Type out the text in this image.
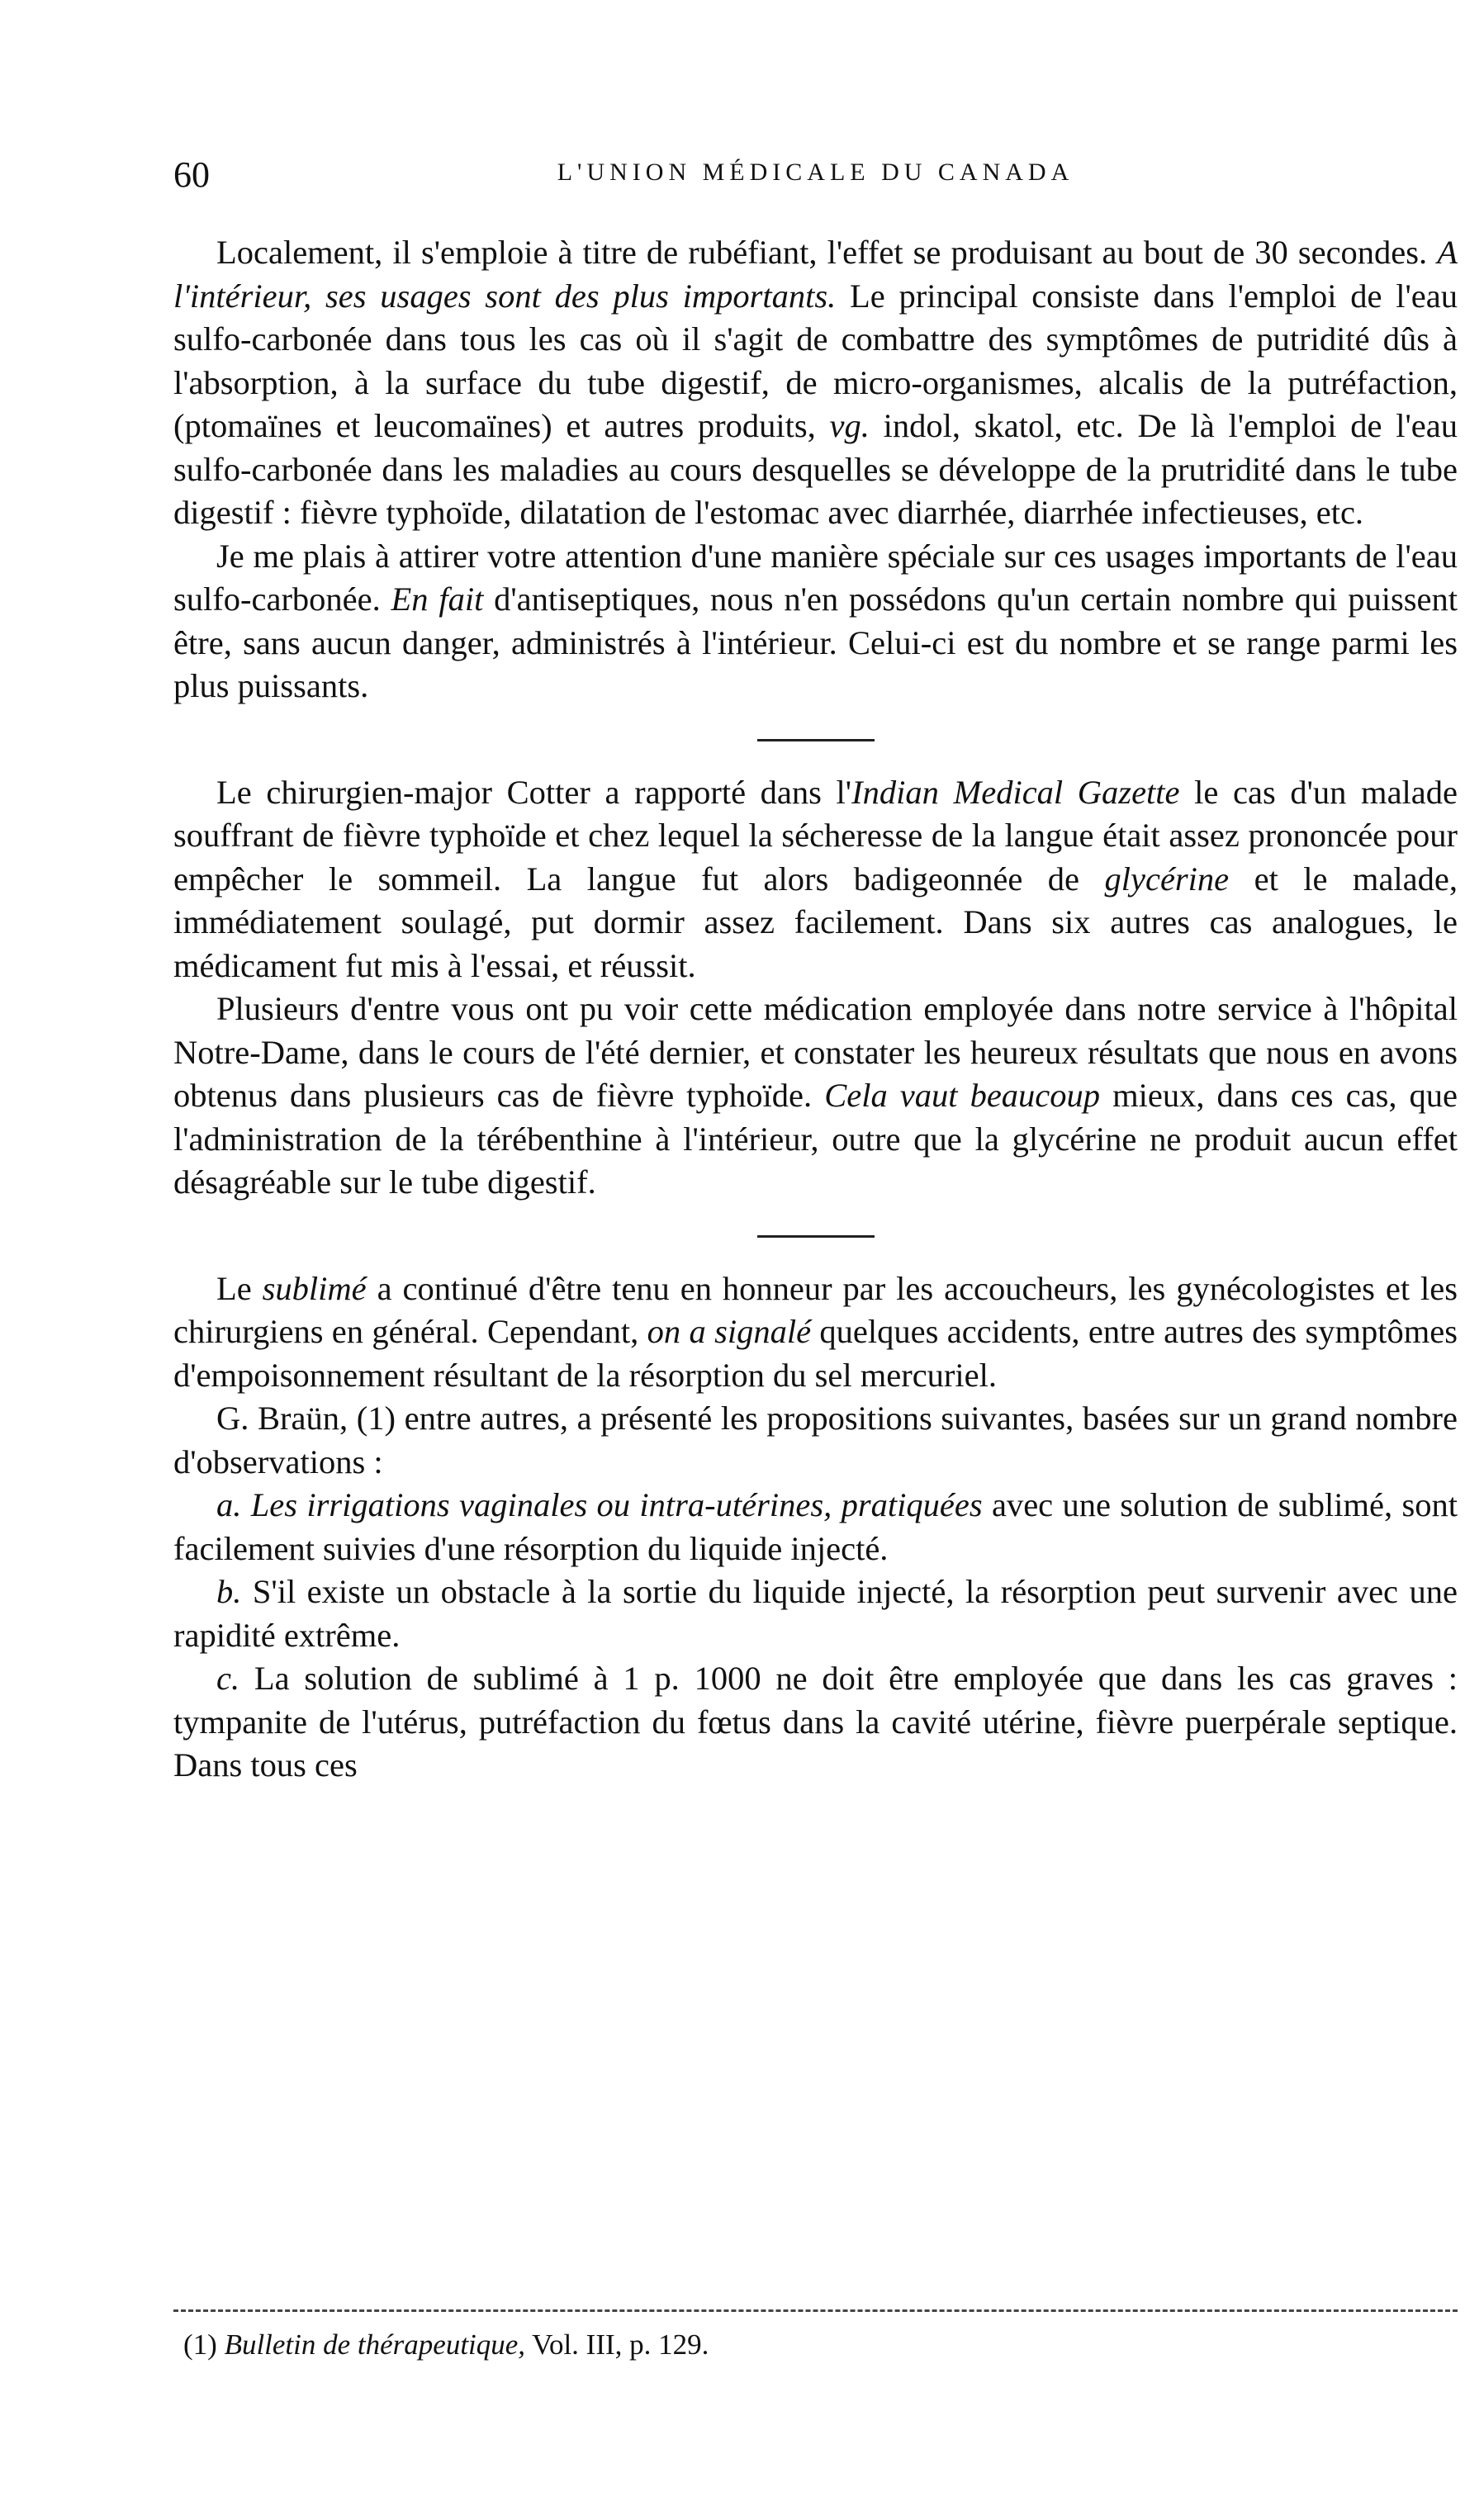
60	L'UNION MÉDICALE DU CANADA

Localement, il s'emploie à titre de rubéfiant, l'effet se produisant au bout de 30 secondes. A l'intérieur, ses usages sont des plus importants. Le principal consiste dans l'emploi de l'eau sulfo-carbonée dans tous les cas où il s'agit de combattre des symptômes de putridité dûs à l'absorption, à la surface du tube digestif, de micro-organismes, alcalis de la putréfaction, (ptomaïnes et leucomaïnes) et autres produits, vg. indol, skatol, etc. De là l'emploi de l'eau sulfo-carbonée dans les maladies au cours desquelles se développe de la prutridité dans le tube digestif : fièvre typhoïde, dilatation de l'estomac avec diarrhée, diarrhée infectieuses, etc.

Je me plais à attirer votre attention d'une manière spéciale sur ces usages importants de l'eau sulfo-carbonée. En fait d'antiseptiques, nous n'en possédons qu'un certain nombre qui puissent être, sans aucun danger, administrés à l'intérieur. Celui-ci est du nombre et se range parmi les plus puissants.

Le chirurgien-major Cotter a rapporté dans l'Indian Medical Gazette le cas d'un malade souffrant de fièvre typhoïde et chez lequel la sécheresse de la langue était assez prononcée pour empêcher le sommeil. La langue fut alors badigeonnée de glycérine et le malade, immédiatement soulagé, put dormir assez facilement. Dans six autres cas analogues, le médicament fut mis à l'essai, et réussit.

Plusieurs d'entre vous ont pu voir cette médication employée dans notre service à l'hôpital Notre-Dame, dans le cours de l'été dernier, et constater les heureux résultats que nous en avons obtenus dans plusieurs cas de fièvre typhoïde. Cela vaut beaucoup mieux, dans ces cas, que l'administration de la térébenthine à l'intérieur, outre que la glycérine ne produit aucun effet désagréable sur le tube digestif.

Le sublimé a continué d'être tenu en honneur par les accoucheurs, les gynécologistes et les chirurgiens en général. Cependant, on a signalé quelques accidents, entre autres des symptômes d'empoisonnement résultant de la résorption du sel mercuriel.

G. Braün, (1) entre autres, a présenté les propositions suivantes, basées sur un grand nombre d'observations :

a. Les irrigations vaginales ou intra-utérines, pratiquées avec une solution de sublimé, sont facilement suivies d'une résorption du liquide injecté.

b. S'il existe un obstacle à la sortie du liquide injecté, la résorption peut survenir avec une rapidité extrême.

c. La solution de sublimé à 1 p. 1000 ne doit être employée que dans les cas graves : tympanite de l'utérus, putréfaction du fœtus dans la cavité utérine, fièvre puerpérale septique. Dans tous ces

(1) Bulletin de thérapeutique, Vol. III, p. 129.
